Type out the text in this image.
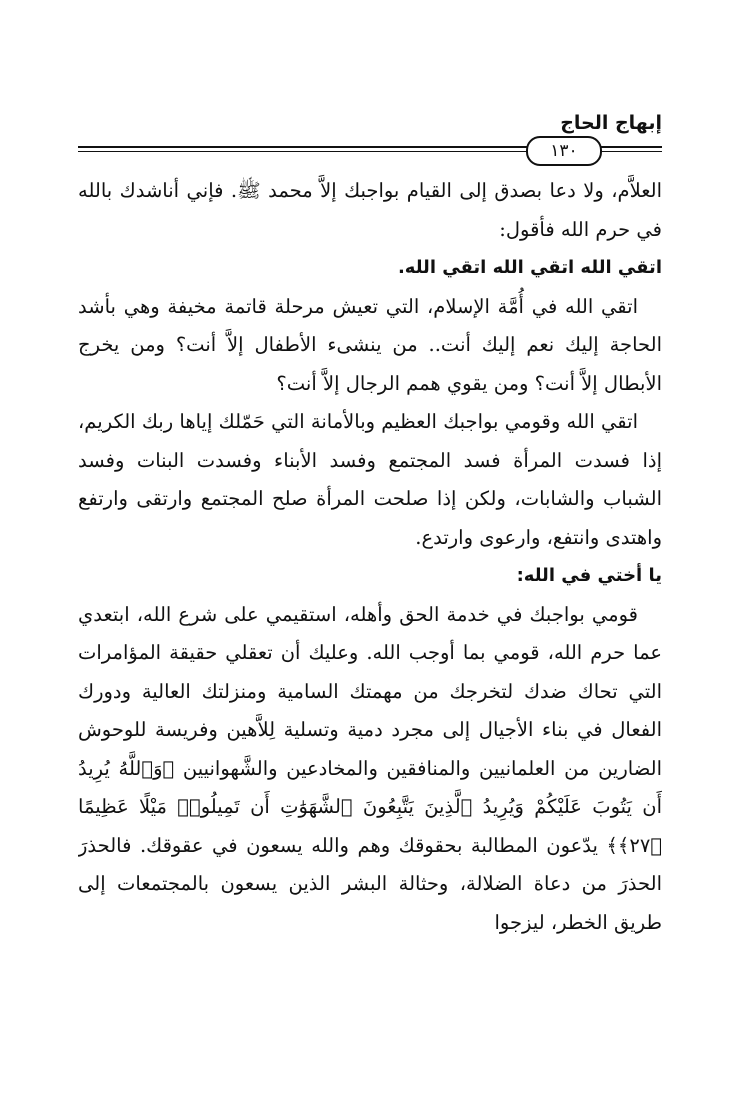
إبهاج الحاج
١٣٠

العلاَّم، ولا دعا بصدق إلى القيام بواجبك إلاَّ محمد ﷺ. فإني أناشدك بالله في حرم الله فأقول:

اتقي الله اتقي الله اتقي الله.

اتقي الله في أُمَّة الإسلام، التي تعيش مرحلة قاتمة مخيفة وهي بأشد الحاجة إليك نعم إليك أنت.. من ينشىء الأطفال إلاَّ أنت؟ ومن يخرج الأبطال إلاَّ أنت؟ ومن يقوي همم الرجال إلاَّ أنت؟

اتقي الله وقومي بواجبك العظيم وبالأمانة التي حَمّلك إياها ربك الكريم، إذا فسدت المرأة فسد المجتمع وفسد الأبناء وفسدت البنات وفسد الشباب والشابات، ولكن إذا صلحت المرأة صلح المجتمع وارتقى وارتفع واهتدى وانتفع، وارعوى وارتدع.

يا أختي في الله:

قومي بواجبك في خدمة الحق وأهله، استقيمي على شرع الله، ابتعدي عما حرم الله، قومي بما أوجب الله. وعليك أن تعقلي حقيقة المؤامرات التي تحاك ضدك لتخرجك من مهمتك السامية ومنزلتك العالية ودورك الفعال في بناء الأجيال إلى مجرد دمية وتسلية لِلاَّهين وفريسة للوحوش الضارين من العلمانيين والمنافقين والمخادعين والشَّهوانيين ﴿وَٱللَّهُ يُرِيدُ أَن يَتُوبَ عَلَيْكُمْ وَيُرِيدُ ٱلَّذِينَ يَتَّبِعُونَ ٱلشَّهَوَٰتِ أَن تَمِيلُوا۟ مَيْلًا عَظِيمًا ﴿٢٧﴾﴾ يدّعون المطالبة بحقوقك وهم والله يسعون في عقوقك. فالحذرَ الحذرَ من دعاة الضلالة، وحثالة البشر الذين يسعون بالمجتمعات إلى طريق الخطر، ليزجوا
